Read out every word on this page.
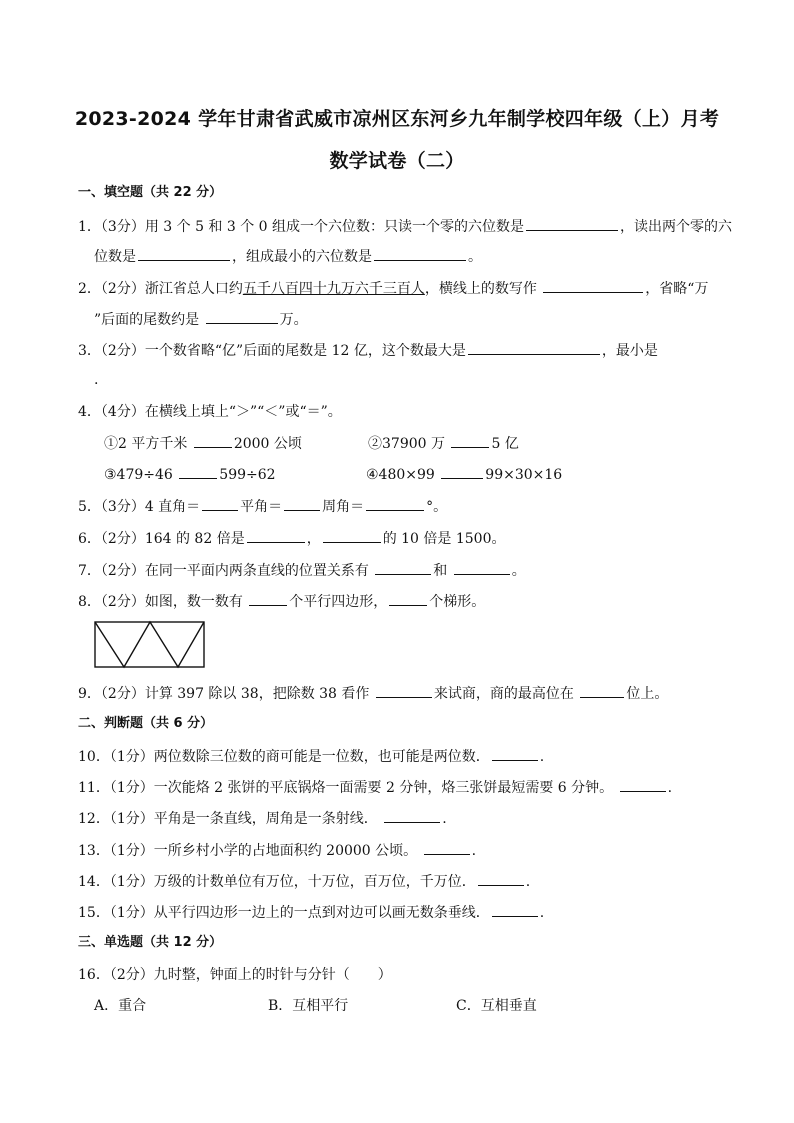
2023-2024 学年甘肃省武威市凉州区东河乡九年制学校四年级（上）月考
数学试卷（二）
一、填空题（共 22 分）
1．（3分）用 3 个 5 和 3 个 0 组成一个六位数：只读一个零的六位数是	，读出两个零的六
位数是	，组成最小的六位数是	。
2．（2分）浙江省总人口约五千八百四十九万六千三百人，横线上的数写作	，省略“万
”后面的尾数约是	万。
3．（2分）一个数省略“亿”后面的尾数是 12 亿，这个数最大是	，最小是
.
4．（4分）在横线上填上“＞”“＜”或“＝”。
①2 平方千米	2000 公顷	②37900 万	5 亿
③479÷46	599÷62	④480×99	99×30×16
5．（3分）4 直角＝	平角＝	周角＝	°。
6．（2分）164 的 82 倍是	，	的 10 倍是 1500。
7．（2分）在同一平面内两条直线的位置关系有	和	。
8．（2分）如图，数一数有	个平行四边形，	个梯形。
9．（2分）计算 397 除以 38，把除数 38 看作	来试商，商的最高位在	位上。
二、判断题（共 6 分）
10．（1分）两位数除三位数的商可能是一位数，也可能是两位数．	.
11．（1分）一次能烙 2 张饼的平底锅烙一面需要 2 分钟，烙三张饼最短需要 6 分钟。	.
12．（1分）平角是一条直线，周角是一条射线．	.
13．（1分）一所乡村小学的占地面积约 20000 公顷。	.
14．（1分）万级的计数单位有万位，十万位，百万位，千万位．	.
15．（1分）从平行四边形一边上的一点到对边可以画无数条垂线．	.
三、单选题（共 12 分）
16．（2分）九时整，钟面上的时针与分针（　　）
A．重合	B．互相平行	C．互相垂直
